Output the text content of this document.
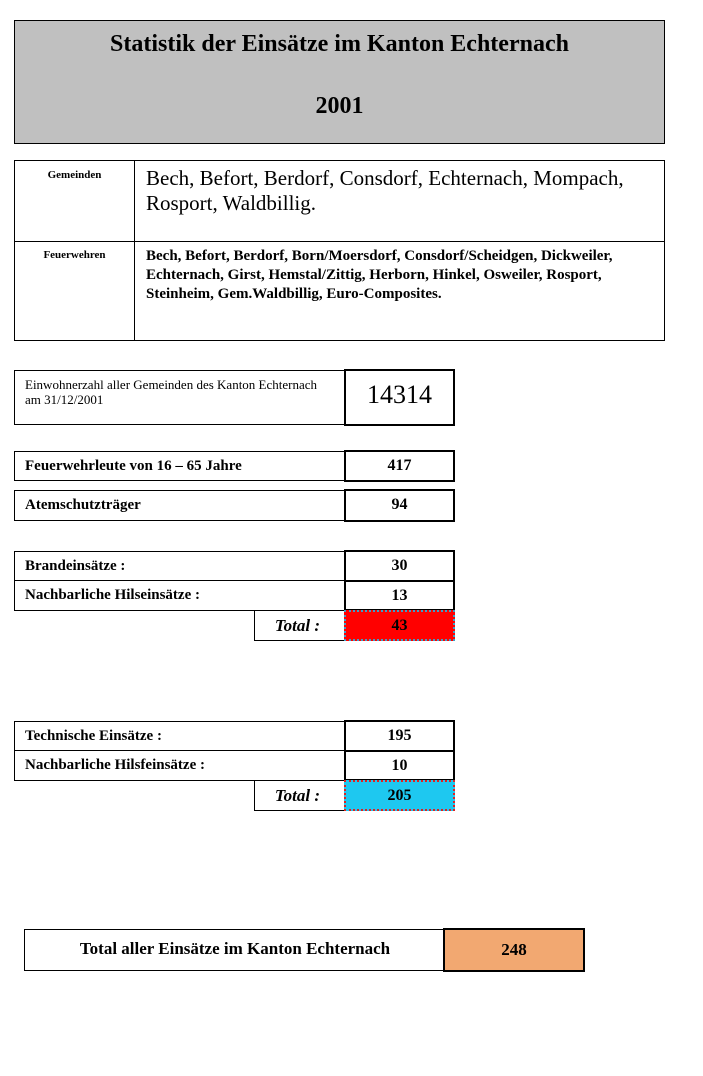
Statistik der Einsätze im Kanton Echternach
2001
Gemeinden	Bech, Befort, Berdorf, Consdorf, Echternach, Mompach, Rosport, Waldbillig.
Feuerwehren	Bech, Befort, Berdorf, Born/Moersdorf, Consdorf/Scheidgen, Dickweiler, Echternach, Girst, Hemstal/Zittig, Herborn, Hinkel, Osweiler, Rosport, Steinheim, Gem.Waldbillig, Euro-Composites.
Einwohnerzahl aller Gemeinden des Kanton Echternach am 31/12/2001	14314
Feuerwehrleute von 16 – 65 Jahre	417
Atemschutzträger	94
Brandeinsätze :	30
Nachbarliche Hilseinsätze :	13
Total :	43
Technische Einsätze :	195
Nachbarliche Hilsfeinsätze :	10
Total :	205
Total aller Einsätze im Kanton Echternach	248
